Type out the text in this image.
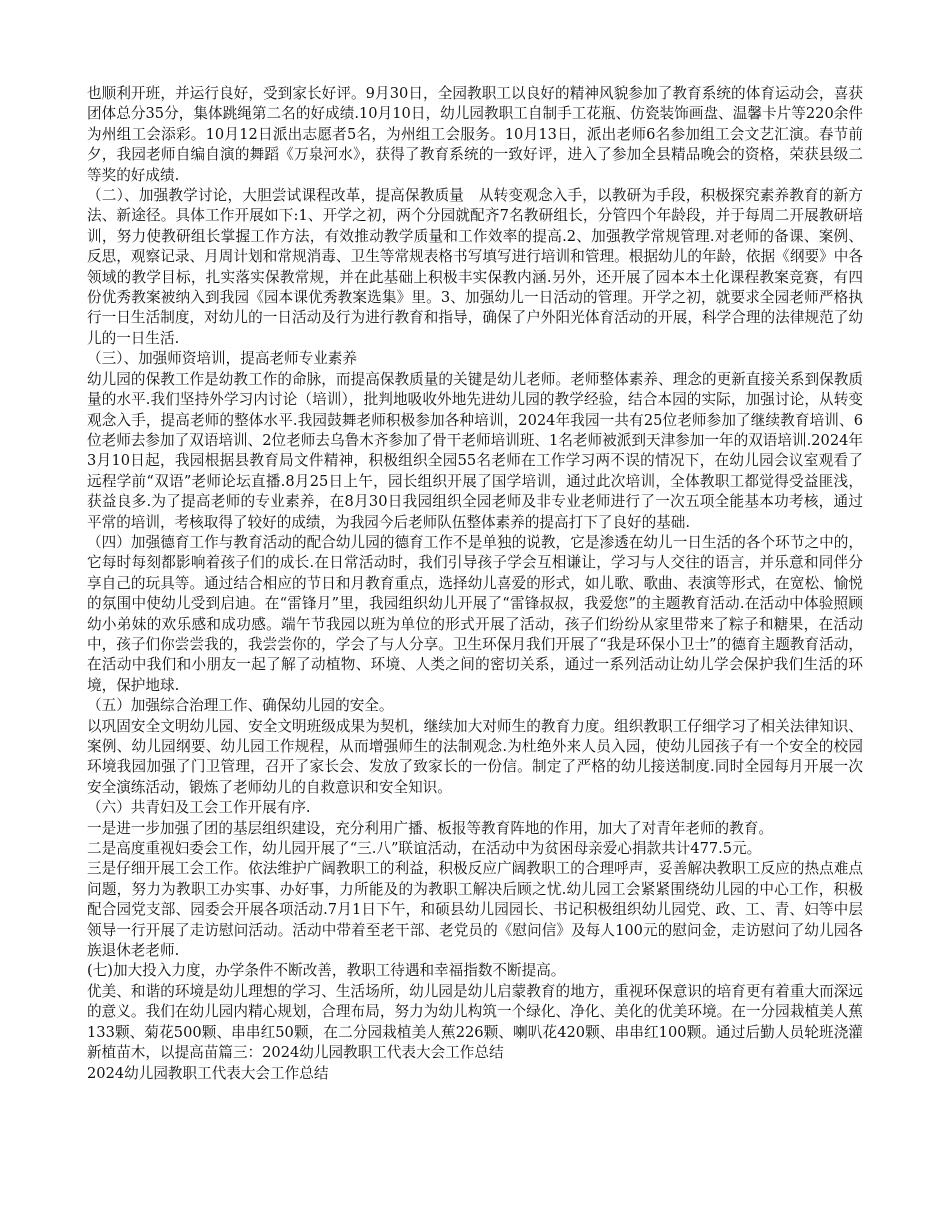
也顺利开班，并运行良好，受到家长好评。9月30日，全园教职工以良好的精神风貌参加了教育系统的体育运动会，喜获团体总分35分，集体跳绳第二名的好成绩.10月10日，幼儿园教职工自制手工花瓶、仿瓷装饰画盘、温馨卡片等220余件为州组工会添彩。10月12日派出志愿者5名，为州组工会服务。10月13日，派出老师6名参加组工会文艺汇演。春节前夕，我园老师自编自演的舞蹈《万泉河水》，获得了教育系统的一致好评，进入了参加全县精品晚会的资格，荣获县级二等奖的好成绩.

（二）、加强教学讨论，大胆尝试课程改革，提高保教质量　从转变观念入手，以教研为手段，积极探究素养教育的新方法、新途径。具体工作开展如下:1、开学之初，两个分园就配齐7名教研组长，分管四个年龄段，并于每周二开展教研培训，努力使教研组长掌握工作方法，有效推动教学质量和工作效率的提高.2、加强教学常规管理.对老师的备课、案例、反思，观察记录、月周计划和常规消毒、卫生等常规表格书写填写进行培训和管理。根据幼儿的年龄，依据《纲要》中各领域的教学目标，扎实落实保教常规，并在此基础上积极丰实保教内涵.另外，还开展了园本本土化课程教案竞赛，有四份优秀教案被纳入到我园《园本课优秀教案选集》里。3、加强幼儿一日活动的管理。开学之初，就要求全园老师严格执行一日生活制度，对幼儿的一日活动及行为进行教育和指导，确保了户外阳光体育活动的开展，科学合理的法律规范了幼儿的一日生活.

（三）、加强师资培训，提高老师专业素养

幼儿园的保教工作是幼教工作的命脉，而提高保教质量的关键是幼儿老师。老师整体素养、理念的更新直接关系到保教质量的水平.我们坚持外学习内讨论（培训），批判地吸收外地先进幼儿园的教学经验，结合本园的实际，加强讨论，从转变观念入手，提高老师的整体水平.我园鼓舞老师积极参加各种培训，2024年我园一共有25位老师参加了继续教育培训、6位老师去参加了双语培训、2位老师去乌鲁木齐参加了骨干老师培训班、1名老师被派到天津参加一年的双语培训.2024年3月10日起，我园根据县教育局文件精神，积极组织全园55名老师在工作学习两不误的情况下，在幼儿园会议室观看了远程学前“双语”老师论坛直播.8月25日上午，园长组织开展了国学培训，通过此次培训，全体教职工都觉得受益匪浅，获益良多.为了提高老师的专业素养，在8月30日我园组织全园老师及非专业老师进行了一次五项全能基本功考核，通过平常的培训，考核取得了较好的成绩，为我园今后老师队伍整体素养的提高打下了良好的基础.

（四）加强德育工作与教育活动的配合幼儿园的德育工作不是单独的说教，它是渗透在幼儿一日生活的各个环节之中的，它每时每刻都影响着孩子们的成长.在日常活动时，我们引导孩子学会互相谦让，学习与人交往的语言，并乐意和同伴分享自己的玩具等。通过结合相应的节日和月教育重点，选择幼儿喜爱的形式，如儿歌、歌曲、表演等形式，在宽松、愉悦的氛围中使幼儿受到启迪。在“雷锋月”里，我园组织幼儿开展了“雷锋叔叔，我爱您”的主题教育活动.在活动中体验照顾幼小弟妹的欢乐感和成功感。端午节我园以班为单位的形式开展了活动，孩子们纷纷从家里带来了粽子和糖果，在活动中，孩子们你尝尝我的，我尝尝你的，学会了与人分享。卫生环保月我们开展了“我是环保小卫士”的德育主题教育活动，在活动中我们和小朋友一起了解了动植物、环境、人类之间的密切关系，通过一系列活动让幼儿学会保护我们生活的环境，保护地球.

（五）加强综合治理工作、确保幼儿园的安全。

以巩固安全文明幼儿园、安全文明班级成果为契机，继续加大对师生的教育力度。组织教职工仔细学习了相关法律知识、案例、幼儿园纲要、幼儿园工作规程，从而增强师生的法制观念.为杜绝外来人员入园，使幼儿园孩子有一个安全的校园环境我园加强了门卫管理，召开了家长会、发放了致家长的一份信。制定了严格的幼儿接送制度.同时全园每月开展一次安全演练活动，锻炼了老师幼儿的自救意识和安全知识。

（六）共青妇及工会工作开展有序.

一是进一步加强了团的基层组织建设，充分利用广播、板报等教育阵地的作用，加大了对青年老师的教育。

二是高度重视妇委会工作，幼儿园开展了“三.八”联谊活动，在活动中为贫困母亲爱心捐款共计477.5元。

三是仔细开展工会工作。依法维护广阔教职工的利益，积极反应广阔教职工的合理呼声，妥善解决教职工反应的热点难点问题，努力为教职工办实事、办好事，力所能及的为教职工解决后顾之忧.幼儿园工会紧紧围绕幼儿园的中心工作，积极配合园党支部、园委会开展各项活动.7月1日下午，和硕县幼儿园园长、书记积极组织幼儿园党、政、工、青、妇等中层领导一行开展了走访慰问活动。活动中带着至老干部、老党员的《慰问信》及每人100元的慰问金，走访慰问了幼儿园各族退休老老师.

(七)加大投入力度，办学条件不断改善，教职工待遇和幸福指数不断提高。

优美、和谐的环境是幼儿理想的学习、生活场所，幼儿园是幼儿启蒙教育的地方，重视环保意识的培育更有着重大而深远的意义。我们在幼儿园内精心规划，合理布局，努力为幼儿构筑一个绿化、净化、美化的优美环境。在一分园栽植美人蕉133颗、菊花500颗、串串红50颗，在二分园栽植美人蕉226颗、喇叭花420颗、串串红100颗。通过后勤人员轮班浇灌新植苗木，以提高苗篇三：2024幼儿园教职工代表大会工作总结

2024幼儿园教职工代表大会工作总结
